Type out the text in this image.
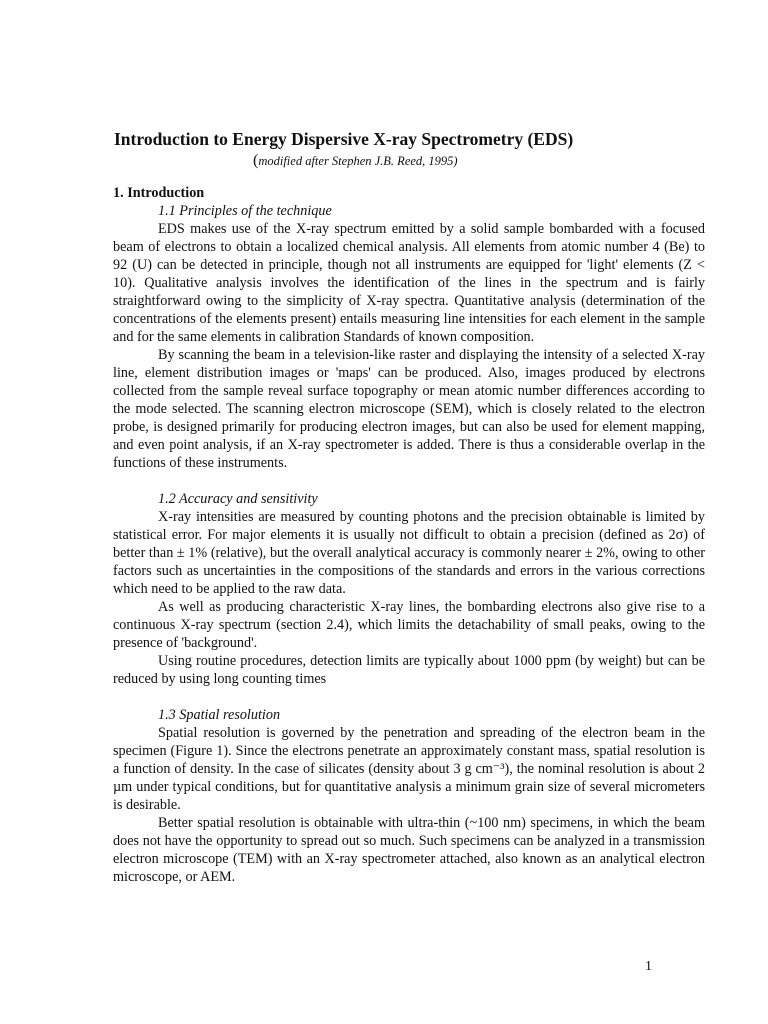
Introduction to Energy Dispersive X-ray Spectrometry (EDS)
(modified after Stephen J.B. Reed, 1995)
1. Introduction
1.1 Principles of the technique

EDS makes use of the X-ray spectrum emitted by a solid sample bombarded with a focused beam of electrons to obtain a localized chemical analysis. All elements from atomic number 4 (Be) to 92 (U) can be detected in principle, though not all instruments are equipped for 'light' elements (Z < 10). Qualitative analysis involves the identification of the lines in the spectrum and is fairly straightforward owing to the simplicity of X-ray spectra. Quantitative analysis (determination of the concentrations of the elements present) entails measuring line intensities for each element in the sample and for the same elements in calibration Standards of known composition.

By scanning the beam in a television-like raster and displaying the intensity of a selected X-ray line, element distribution images or 'maps' can be produced. Also, images produced by electrons collected from the sample reveal surface topography or mean atomic number differences according to the mode selected. The scanning electron microscope (SEM), which is closely related to the electron probe, is designed primarily for producing electron images, but can also be used for element mapping, and even point analysis, if an X-ray spectrometer is added. There is thus a considerable overlap in the functions of these instruments.

1.2 Accuracy and sensitivity

X-ray intensities are measured by counting photons and the precision obtainable is limited by statistical error. For major elements it is usually not difficult to obtain a precision (defined as 2σ) of better than ± 1% (relative), but the overall analytical accuracy is commonly nearer ± 2%, owing to other factors such as uncertainties in the compositions of the standards and errors in the various corrections which need to be applied to the raw data.

As well as producing characteristic X-ray lines, the bombarding electrons also give rise to a continuous X-ray spectrum (section 2.4), which limits the detachability of small peaks, owing to the presence of 'background'.

Using routine procedures, detection limits are typically about 1000 ppm (by weight) but can be reduced by using long counting times

1.3 Spatial resolution

Spatial resolution is governed by the penetration and spreading of the electron beam in the specimen (Figure 1). Since the electrons penetrate an approximately constant mass, spatial resolution is a function of density. In the case of silicates (density about 3 g cm⁻³), the nominal resolution is about 2 µm under typical conditions, but for quantitative analysis a minimum grain size of several micrometers is desirable.

Better spatial resolution is obtainable with ultra-thin (~100 nm) specimens, in which the beam does not have the opportunity to spread out so much. Such specimens can be analyzed in a transmission electron microscope (TEM) with an X-ray spectrometer attached, also known as an analytical electron microscope, or AEM.

1
